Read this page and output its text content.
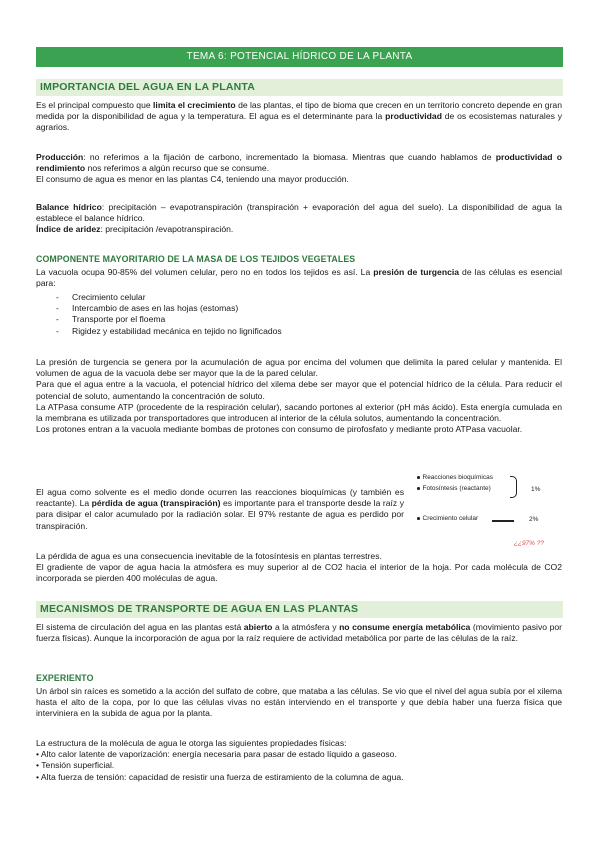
TEMA 6: POTENCIAL HÍDRICO DE LA PLANTA
IMPORTANCIA DEL AGUA EN LA PLANTA

Es el principal compuesto que limita el crecimiento de las plantas, el tipo de bioma que crecen en un territorio concreto depende en gran medida por la disponibilidad de agua y la temperatura. El agua es el determinante para la productividad de os ecosistemas naturales y agrarios.

Producción: no referimos a la fijación de carbono, incrementado la biomasa. Mientras que cuando hablamos de productividad o rendimiento nos referimos a algún recurso que se consume.

El consumo de agua es menor en las plantas C4, teniendo una mayor producción.

Balance hídrico: precipitación – evapotranspiración (transpiración + evaporación del agua del suelo). La disponibilidad de agua la establece el balance hídrico.

Índice de aridez: precipitación /evapotranspiración.

COMPONENTE MAYORITARIO DE LA MASA DE LOS TEJIDOS VEGETALES

La vacuola ocupa 90-85% del volumen celular, pero no en todos los tejidos es así. La presión de turgencia de las células es esencial para:

- Crecimiento celular
- Intercambio de ases en las hojas (estomas)
- Transporte por el floema
- Rigidez y estabilidad mecánica en tejido no lignificados

La presión de turgencia se genera por la acumulación de agua por encima del volumen que delimita la pared celular y mantenida. El volumen de agua de la vacuola debe ser mayor que la de la pared celular.

Para que el agua entre a la vacuola, el potencial hídrico del xilema debe ser mayor que el potencial hídrico de la célula. Para reducir el potencial de soluto, aumentando la concentración de soluto.

La ATPasa consume ATP (procedente de la respiración celular), sacando portones al exterior (pH más ácido). Esta energía cumulada en la membrana es utilizada por transportadores que introducen al interior de la célula solutos, aumentando la concentración.

Los protones entran a la vacuola mediante bombas de protones con consumo de pirofosfato y mediante proto ATPasa vacuolar.

El agua como solvente es el medio donde ocurren las reacciones bioquímicas (y también es reactante). La pérdida de agua (transpiración) es importante para el transporte desde la raíz y para disipar el calor acumulado por la radiación solar. El 97% restante de agua es perdido por transpiración.

Reacciones bioquímicas
Fotosíntesis (reactante)	1%
Crecimiento celular	2%
¿¿97% ??

La pérdida de agua es una consecuencia inevitable de la fotosíntesis en plantas terrestres.

El gradiente de vapor de agua hacia la atmósfera es muy superior al de CO2 hacia el interior de la hoja. Por cada molécula de CO2 incorporada se pierden 400 moléculas de agua.

MECANISMOS DE TRANSPORTE DE AGUA EN LAS PLANTAS

El sistema de circulación del agua en las plantas está abierto a la atmósfera y no consume energía metabólica (movimiento pasivo por fuerza físicas). Aunque la incorporación de agua por la raíz requiere de actividad metabólica por parte de las células de la raíz.

EXPERIENTO

Un árbol sin raíces es sometido a la acción del sulfato de cobre, que mataba a las células. Se vio que el nivel del agua subía por el xilema hasta el alto de la copa, por lo que las células vivas no están interviendo en el transporte y que debía haber una fuerza física que interviniera en la subida de agua por la planta.

La estructura de la molécula de agua le otorga las siguientes propiedades físicas:
• Alto calor latente de vaporización: energía necesaria para pasar de estado líquido a gaseoso.
• Tensión superficial.
• Alta fuerza de tensión: capacidad de resistir una fuerza de estiramiento de la columna de agua.
